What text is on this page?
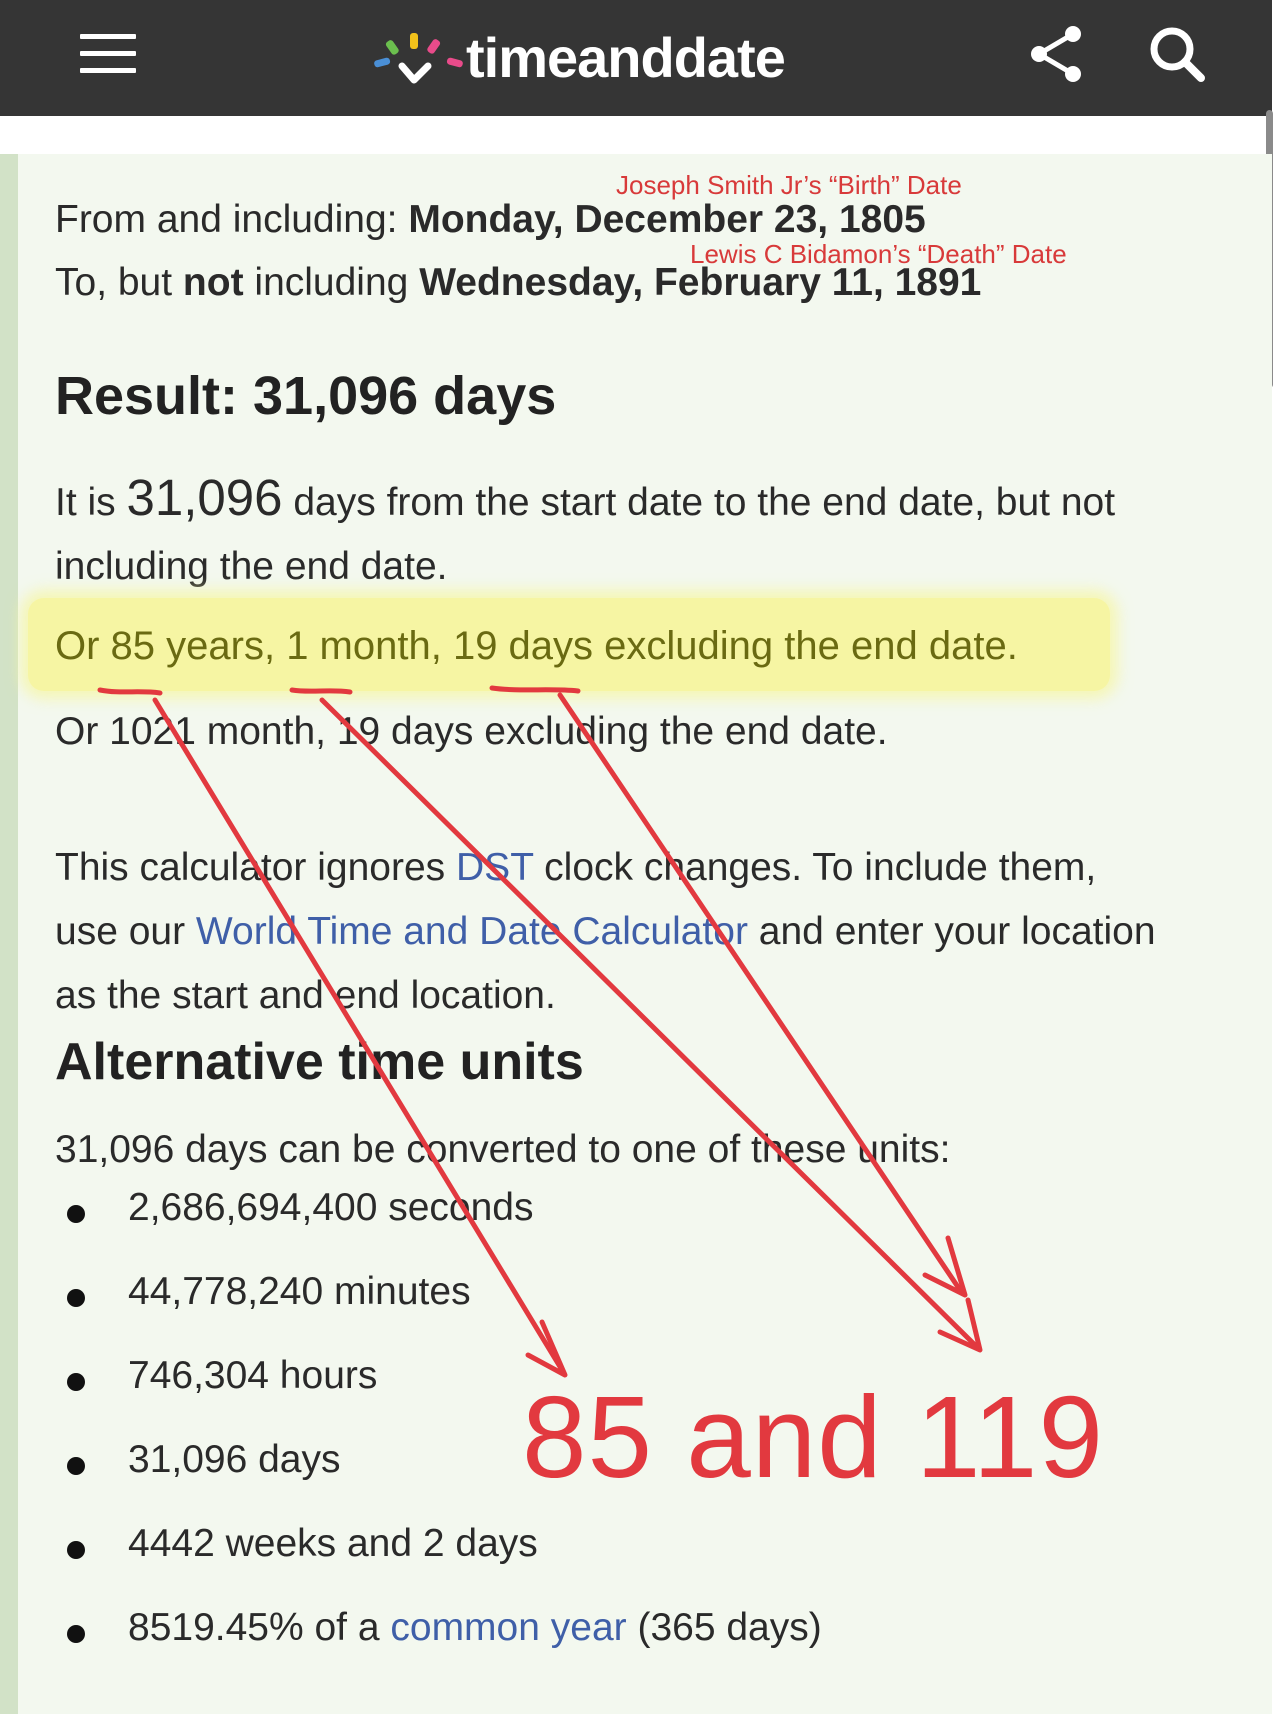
timeanddate
Joseph Smith Jr’s “Birth” Date
From and including: Monday, December 23, 1805
To, but not including Wednesday, February 11, 1891
Lewis C Bidamon’s “Death” Date
Result: 31,096 days
It is 31,096 days from the start date to the end date, but not
including the end date.
Or 85 years, 1 month, 19 days excluding the end date.
Or 1021 month, 19 days excluding the end date.
This calculator ignores DST clock changes. To include them,
use our World Time and Date Calculator and enter your location
as the start and end location.
Alternative time units
31,096 days can be converted to one of these units:
2,686,694,400 seconds
44,778,240 minutes
746,304 hours
31,096 days
4442 weeks and 2 days
8519.45% of a common year (365 days)
85 and 119
